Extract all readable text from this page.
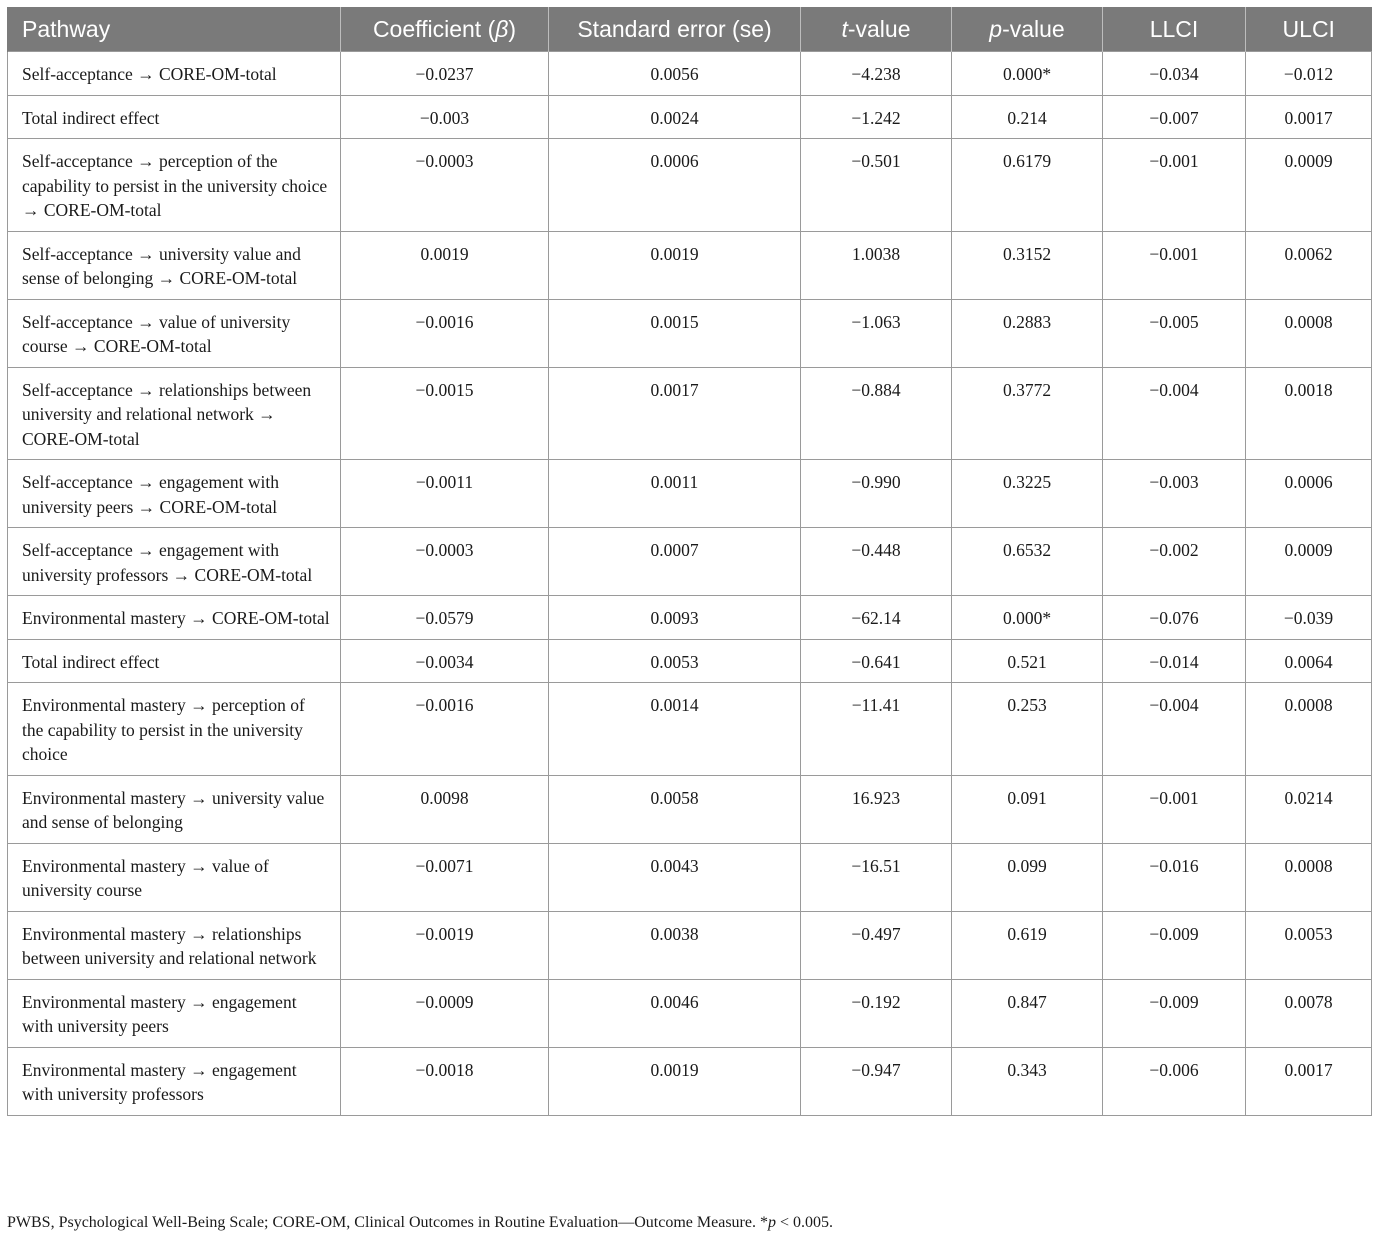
Pathway	Coefficient (β)	Standard error (se)	t-value	p-value	LLCI	ULCI
Self-acceptance → CORE-OM-total	−0.0237	0.0056	−4.238	0.000*	−0.034	−0.012
Total indirect effect	−0.003	0.0024	−1.242	0.214	−0.007	0.0017
Self-acceptance → perception of the capability to persist in the university choice → CORE-OM-total	−0.0003	0.0006	−0.501	0.6179	−0.001	0.0009
Self-acceptance → university value and sense of belonging → CORE-OM-total	0.0019	0.0019	1.0038	0.3152	−0.001	0.0062
Self-acceptance → value of university course → CORE-OM-total	−0.0016	0.0015	−1.063	0.2883	−0.005	0.0008
Self-acceptance → relationships between university and relational network → CORE-OM-total	−0.0015	0.0017	−0.884	0.3772	−0.004	0.0018
Self-acceptance → engagement with university peers → CORE-OM-total	−0.0011	0.0011	−0.990	0.3225	−0.003	0.0006
Self-acceptance → engagement with university professors → CORE-OM-total	−0.0003	0.0007	−0.448	0.6532	−0.002	0.0009
Environmental mastery → CORE-OM-total	−0.0579	0.0093	−62.14	0.000*	−0.076	−0.039
Total indirect effect	−0.0034	0.0053	−0.641	0.521	−0.014	0.0064
Environmental mastery → perception of the capability to persist in the university choice	−0.0016	0.0014	−11.41	0.253	−0.004	0.0008
Environmental mastery → university value and sense of belonging	0.0098	0.0058	16.923	0.091	−0.001	0.0214
Environmental mastery → value of university course	−0.0071	0.0043	−16.51	0.099	−0.016	0.0008
Environmental mastery → relationships between university and relational network	−0.0019	0.0038	−0.497	0.619	−0.009	0.0053
Environmental mastery → engagement with university peers	−0.0009	0.0046	−0.192	0.847	−0.009	0.0078
Environmental mastery → engagement with university professors	−0.0018	0.0019	−0.947	0.343	−0.006	0.0017
PWBS, Psychological Well-Being Scale; CORE-OM, Clinical Outcomes in Routine Evaluation—Outcome Measure. *p < 0.005.
